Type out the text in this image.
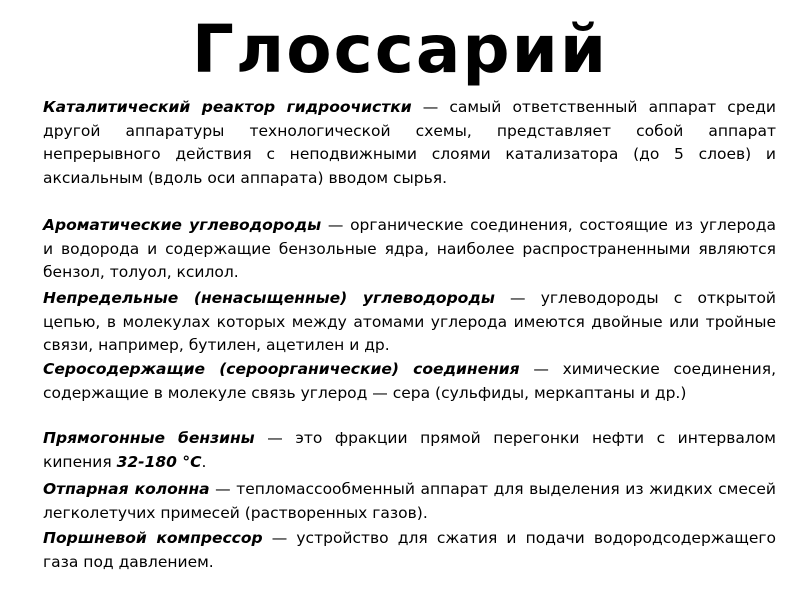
Глоссарий

Каталитический реактор гидроочистки — самый ответственный аппарат среди другой аппаратуры технологической схемы, представляет собой аппарат непрерывного действия с неподвижными слоями катализатора (до 5 слоев) и аксиальным (вдоль оси аппарата) вводом сырья.

Ароматические углеводороды — органические соединения, состоящие из углерода и водорода и содержащие бензольные ядра, наиболее распространенными являются бензол, толуол, ксилол.

Непредельные (ненасыщенные) углеводороды — углеводороды с открытой цепью, в молекулах которых между атомами углерода имеются двойные или тройные связи, например, бутилен, ацетилен и др.

Серосодержащие (сероорганические) соединения — химические соединения, содержащие в молекуле связь углерод — сера (сульфиды, меркаптаны и др.)

Прямогонные бензины — это фракции прямой перегонки нефти с интервалом кипения 32-180 °C.

Отпарная колонна — тепломассообменный аппарат для выделения из жидких смесей легколетучих примесей (растворенных газов).

Поршневой компрессор — устройство для сжатия и подачи водородсодержащего газа под давлением.
